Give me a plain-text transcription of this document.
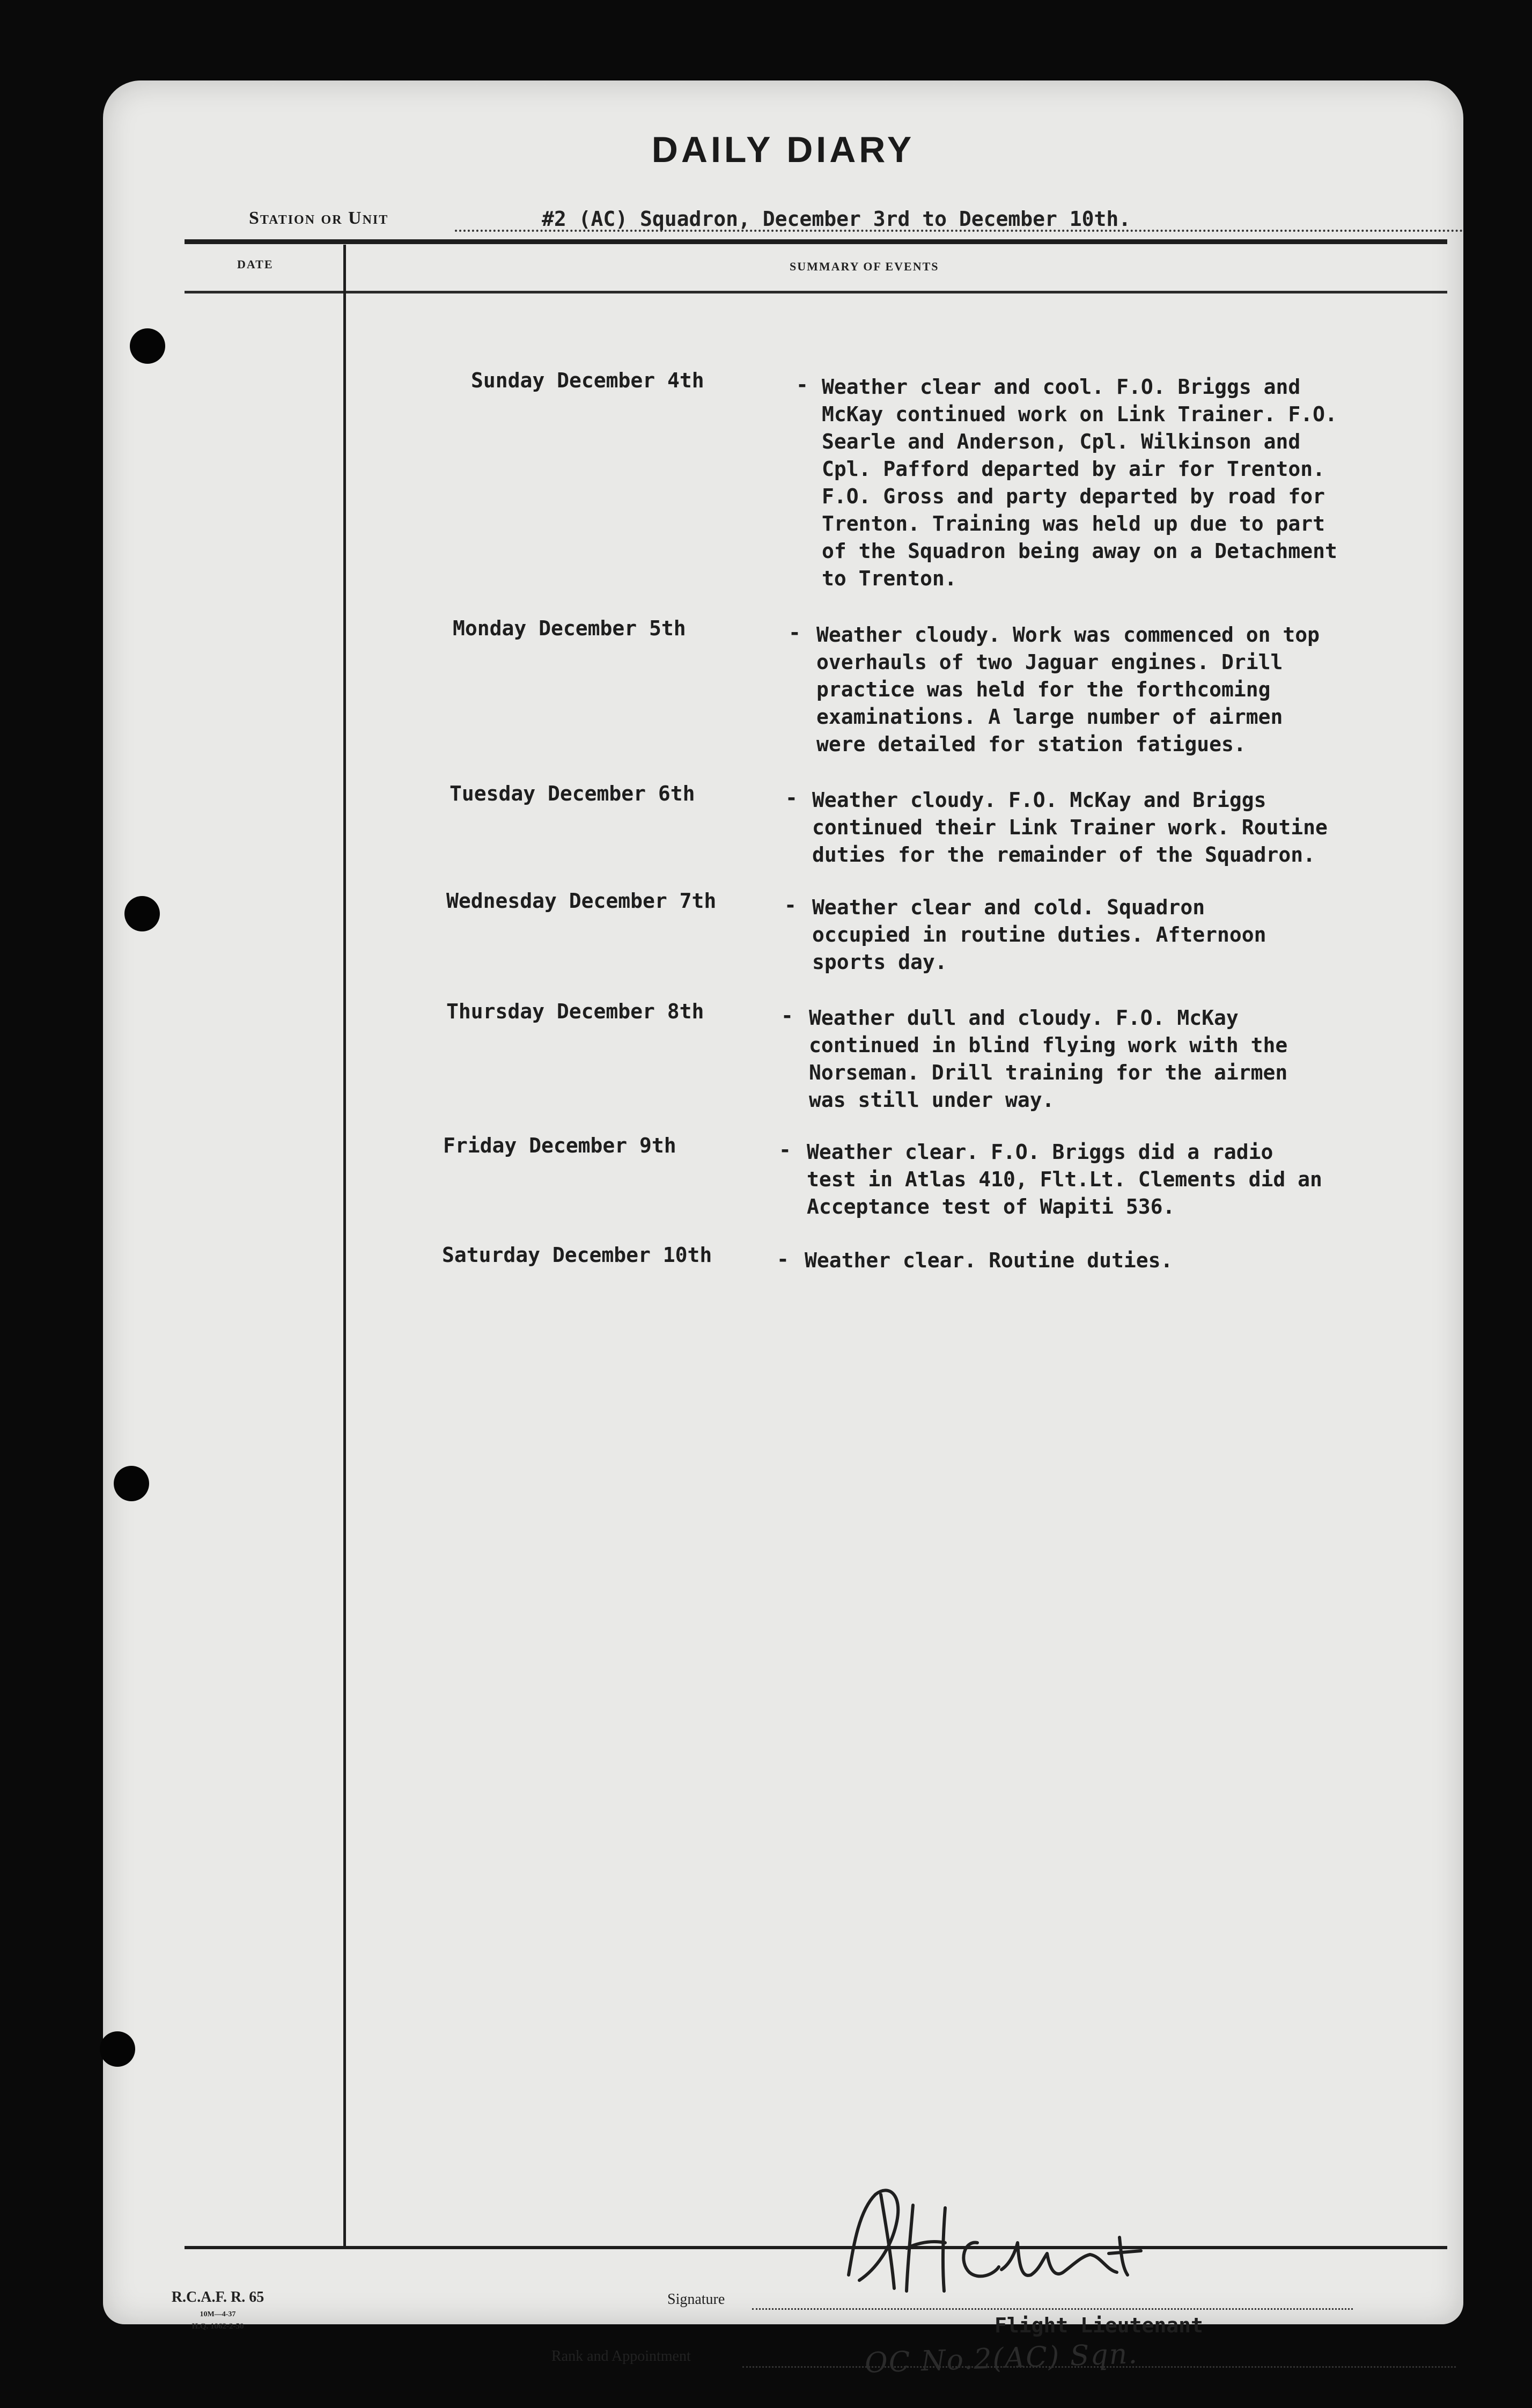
DAILY DIARY
Station or Unit	#2 (AC) Squadron, December 3rd to December 10th.
DATE	SUMMARY OF EVENTS
Sunday December 4th	- Weather clear and cool. F.O. Briggs and
McKay continued work on Link Trainer. F.O.
Searle and Anderson, Cpl. Wilkinson and
Cpl. Pafford departed by air for Trenton.
F.O. Gross and party departed by road for
Trenton. Training was held up due to part
of the Squadron being away on a Detachment
to Trenton.
Monday December 5th	- Weather cloudy. Work was commenced on top
overhauls of two Jaguar engines. Drill
practice was held for the forthcoming
examinations. A large number of airmen
were detailed for station fatigues.
Tuesday December 6th	- Weather cloudy. F.O. McKay and Briggs
continued their Link Trainer work. Routine
duties for the remainder of the Squadron.
Wednesday December 7th	- Weather clear and cold. Squadron
occupied in routine duties. Afternoon
sports day.
Thursday December 8th	- Weather dull and cloudy. F.O. McKay
continued in blind flying work with the
Norseman. Drill training for the airmen
was still under way.
Friday December 9th	- Weather clear. F.O. Briggs did a radio
test in Atlas 410, Flt.Lt. Clements did an
Acceptance test of Wapiti 536.
Saturday December 10th	- Weather clear. Routine duties.
R.C.A.F. R. 65
10M—4-37
H.Q. 1062-2-50
Signature
Flight Lieutenant
Rank and Appointment	OC No.2(AC) Sqn.
